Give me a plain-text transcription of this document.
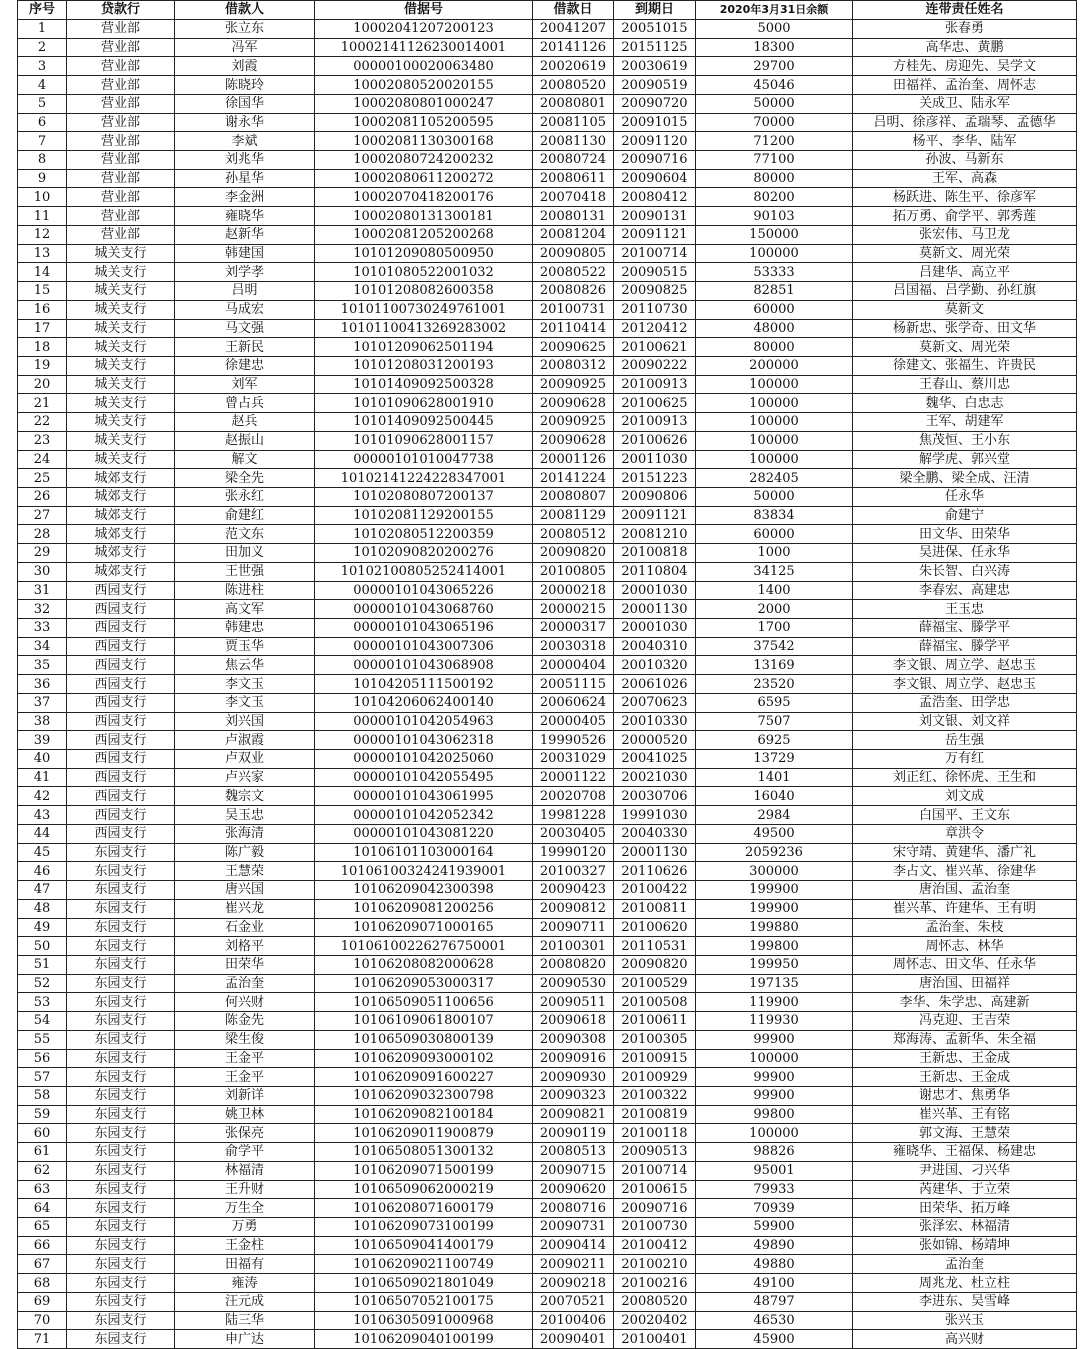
序号	贷款行	借款人	借据号	借款日	到期日	2020年3月31日余额	连带责任姓名
1	营业部	张立东	10002041207200123	20041207	20051015	5000	张春勇
2	营业部	冯军	10002141126230014001	20141126	20151125	18300	高华忠、黄鹏
3	营业部	刘霞	00000100020063480	20020619	20030619	29700	方桂先、房迎先、吴学文
4	营业部	陈晓玲	10002080520020155	20080520	20090519	45046	田福祥、孟治奎、周怀志
5	营业部	徐国华	10002080801000247	20080801	20090720	50000	关成卫、陆永军
6	营业部	谢永华	10002081105200595	20081105	20091015	70000	吕明、徐彦祥、孟瑞琴、孟德华
7	营业部	李斌	10002081130300168	20081130	20091120	71200	杨平、李华、陆军
8	营业部	刘兆华	10002080724200232	20080724	20090716	77100	孙波、马新东
9	营业部	孙星华	10002080611200272	20080611	20090604	80000	王军、高森
10	营业部	李金洲	10002070418200176	20070418	20080412	80200	杨跃进、陈生平、徐彦军
11	营业部	雍晓华	10002080131300181	20080131	20090131	90103	拓万勇、俞学平、郭秀莲
12	营业部	赵新华	10002081205200268	20081204	20091121	150000	张宏伟、马卫龙
13	城关支行	韩建国	10101209080500950	20090805	20100714	100000	莫新文、周光荣
14	城关支行	刘学孝	10101080522001032	20080522	20090515	53333	吕建华、高立平
15	城关支行	吕明	10101208082600358	20080826	20090825	82851	吕国福、吕学勤、孙红旗
16	城关支行	马成宏	10101100730249761001	20100731	20110730	60000	莫新文
17	城关支行	马文强	10101100413269283002	20110414	20120412	48000	杨新忠、张学奇、田文华
18	城关支行	王新民	10101209062501194	20090625	20100621	80000	莫新文、周光荣
19	城关支行	徐建忠	10101208031200193	20080312	20090222	200000	徐建文、张福生、许贵民
20	城关支行	刘军	10101409092500328	20090925	20100913	100000	王春山、蔡川忠
21	城关支行	曾占兵	10101090628001910	20090628	20100625	100000	魏华、白忠志
22	城关支行	赵兵	10101409092500445	20090925	20100913	100000	王军、胡建军
23	城关支行	赵振山	10101090628001157	20090628	20100626	100000	焦茂恒、王小东
24	城关支行	解文	00000101010047738	20001126	20011030	100000	解学虎、郭兴堂
25	城郊支行	梁全先	10102141224228347001	20141224	20151223	282405	梁全鹏、梁全成、汪清
26	城郊支行	张永红	10102080807200137	20080807	20090806	50000	任永华
27	城郊支行	俞建红	10102081129200155	20081129	20091121	83834	俞建宁
28	城郊支行	范文东	10102080512200359	20080512	20081210	60000	田文华、田荣华
29	城郊支行	田加义	10102090820200276	20090820	20100818	1000	吴进保、任永华
30	城郊支行	王世强	10102100805252414001	20100805	20110804	34125	朱长智、白兴涛
31	西园支行	陈进柱	00000101043065226	20000218	20001030	1400	李春宏、高建忠
32	西园支行	高文军	00000101043068760	20000215	20001130	2000	王玉忠
33	西园支行	韩建忠	00000101043065196	20000317	20001030	1700	薛福宝、滕学平
34	西园支行	贾玉华	00000101043007306	20030318	20040310	37542	薛福宝、滕学平
35	西园支行	焦云华	00000101043068908	20000404	20010320	13169	李文银、周立学、赵忠玉
36	西园支行	李文玉	10104205111500192	20051115	20061026	23520	李文银、周立学、赵忠玉
37	西园支行	李文玉	10104206062400140	20060624	20070623	6595	孟浩奎、田学忠
38	西园支行	刘兴国	00000101042054963	20000405	20010330	7507	刘文银、刘文祥
39	西园支行	卢淑霞	00000101043062318	19990526	20000520	6925	岳生强
40	西园支行	卢双业	00000101042025060	20031029	20041025	13729	万有红
41	西园支行	卢兴家	00000101042055495	20001122	20021030	1401	刘正红、徐怀虎、王生和
42	西园支行	魏宗文	00000101043061995	20020708	20030706	16040	刘文成
43	西园支行	吴玉忠	00000101042052342	19981228	19991030	2984	白国平、王文东
44	西园支行	张海清	00000101043081220	20030405	20040330	49500	章洪令
45	东园支行	陈广毅	10106101103000164	19990120	20001130	2059236	宋守靖、黄建华、潘广礼
46	东园支行	王慧荣	10106100324241939001	20100327	20110626	300000	李占文、崔兴革、徐建华
47	东园支行	唐兴国	10106209042300398	20090423	20100422	199900	唐治国、孟治奎
48	东园支行	崔兴龙	10106209081200256	20090812	20100811	199900	崔兴革、许建华、王有明
49	东园支行	石金业	10106209071000165	20090711	20100620	199880	孟治奎、朱枝
50	东园支行	刘格平	10106100226276750001	20100301	20110531	199800	周怀志、林华
51	东园支行	田荣华	10106208082000628	20080820	20090820	199950	周怀志、田文华、任永华
52	东园支行	孟治奎	10106209053000317	20090530	20100529	197135	唐治国、田福祥
53	东园支行	何兴财	10106509051100656	20090511	20100508	119900	李华、朱学忠、高建新
54	东园支行	陈金先	10106109061800107	20090618	20100611	119930	冯克迎、王吉荣
55	东园支行	梁生俊	10106509030800139	20090308	20100305	99900	郑海涛、孟新华、朱全福
56	东园支行	王金平	10106209093000102	20090916	20100915	100000	王新忠、王金成
57	东园支行	王金平	10106209091600227	20090930	20100929	99900	王新忠、王金成
58	东园支行	刘新详	10106209032300798	20090323	20100322	99900	谢忠才、焦勇华
59	东园支行	姚卫林	10106209082100184	20090821	20100819	99800	崔兴革、王有铭
60	东园支行	张保亮	10106209011900879	20090119	20100118	100000	郭文海、王慧荣
61	东园支行	俞学平	10106508051300132	20080513	20090513	98826	雍晓华、王福保、杨建忠
62	东园支行	林福清	10106209071500199	20090715	20100714	95001	尹进国、刁兴华
63	东园支行	王升财	10106509062000219	20090620	20100615	79933	芮建华、于立荣
64	东园支行	万生全	10106208071600179	20080716	20090716	70939	田荣华、拓万峰
65	东园支行	万勇	10106209073100199	20090731	20100730	59900	张泽宏、林福清
66	东园支行	王金柱	10106509041400179	20090414	20100412	49890	张如锦、杨靖坤
67	东园支行	田福有	10106209021100749	20090211	20100210	49880	孟治奎
68	东园支行	雍涛	10106509021801049	20090218	20100216	49100	周兆龙、杜立柱
69	东园支行	汪元成	10106507052100175	20070521	20080520	48797	李进东、吴雪峰
70	东园支行	陆三华	10106305091000968	20100406	20020402	46530	张兴玉
71	东园支行	申广达	10106209040100199	20090401	20100401	45900	高兴财
